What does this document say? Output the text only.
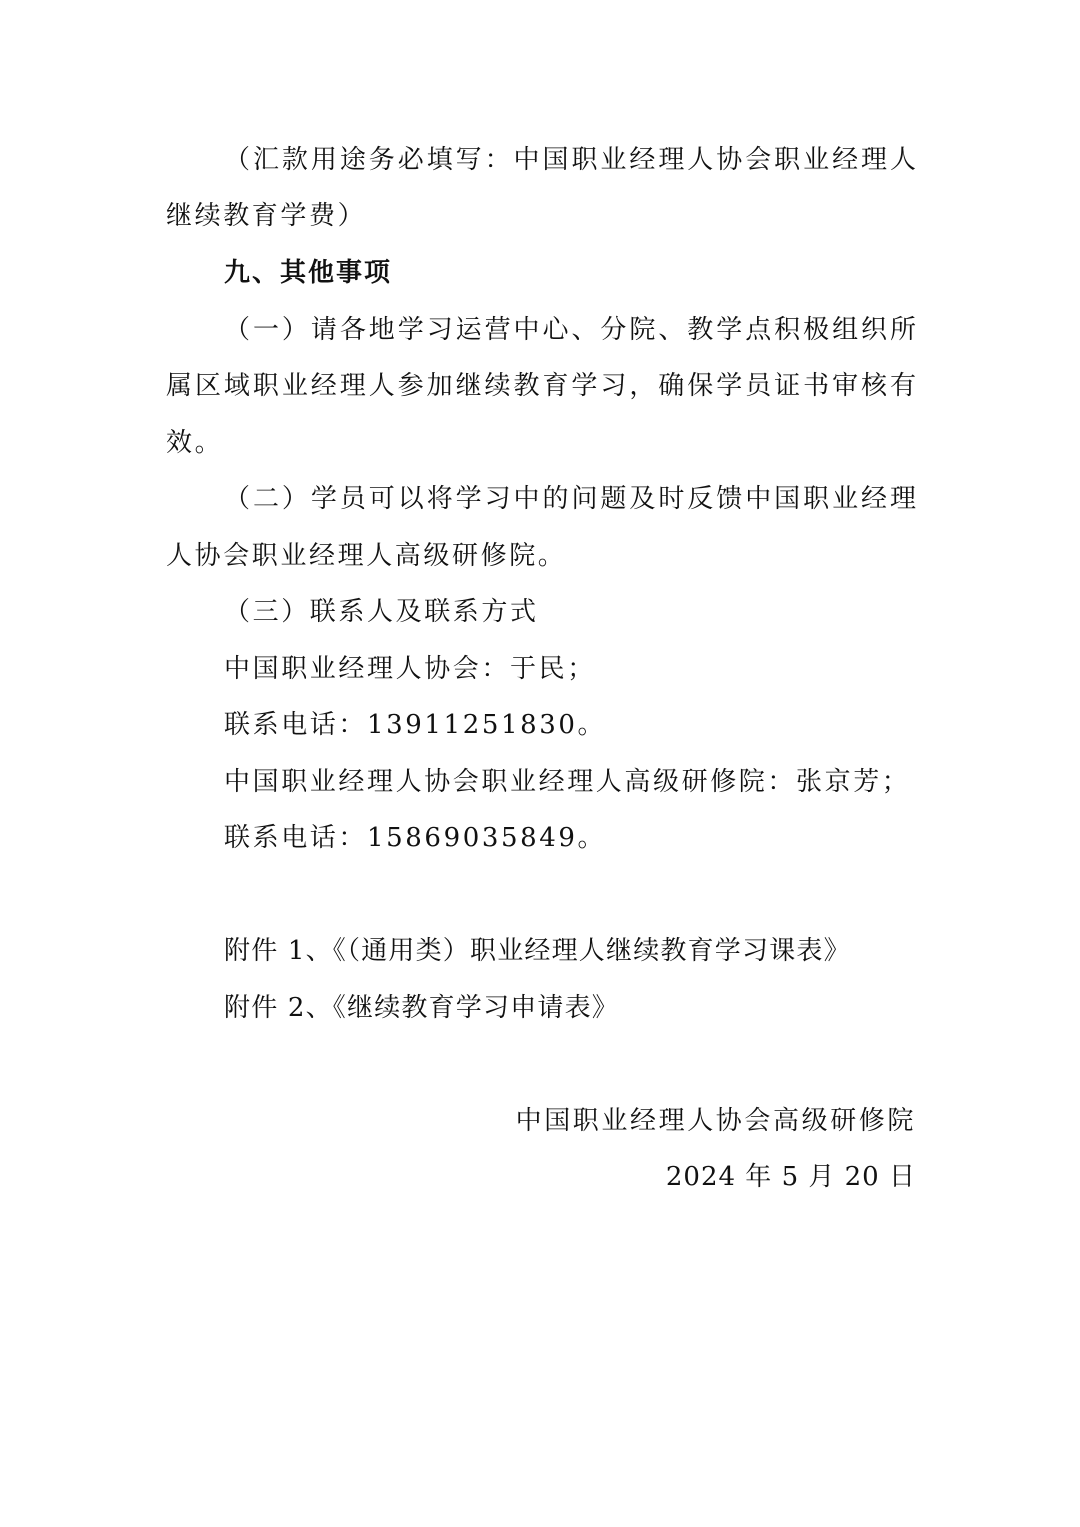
（汇款用途务必填写：中国职业经理人协会职业经理人
继续教育学费）
九、其他事项
（一）请各地学习运营中心、分院、教学点积极组织所
属区域职业经理人参加继续教育学习，确保学员证书审核有
效。
（二）学员可以将学习中的问题及时反馈中国职业经理
人协会职业经理人高级研修院。
（三）联系人及联系方式
中国职业经理人协会：于民；
联系电话：13911251830。
中国职业经理人协会职业经理人高级研修院：张京芳；
联系电话：15869035849。
附件 1、《（通用类）职业经理人继续教育学习课表》
附件 2、《继续教育学习申请表》
中国职业经理人协会高级研修院
2024 年 5 月 20 日
